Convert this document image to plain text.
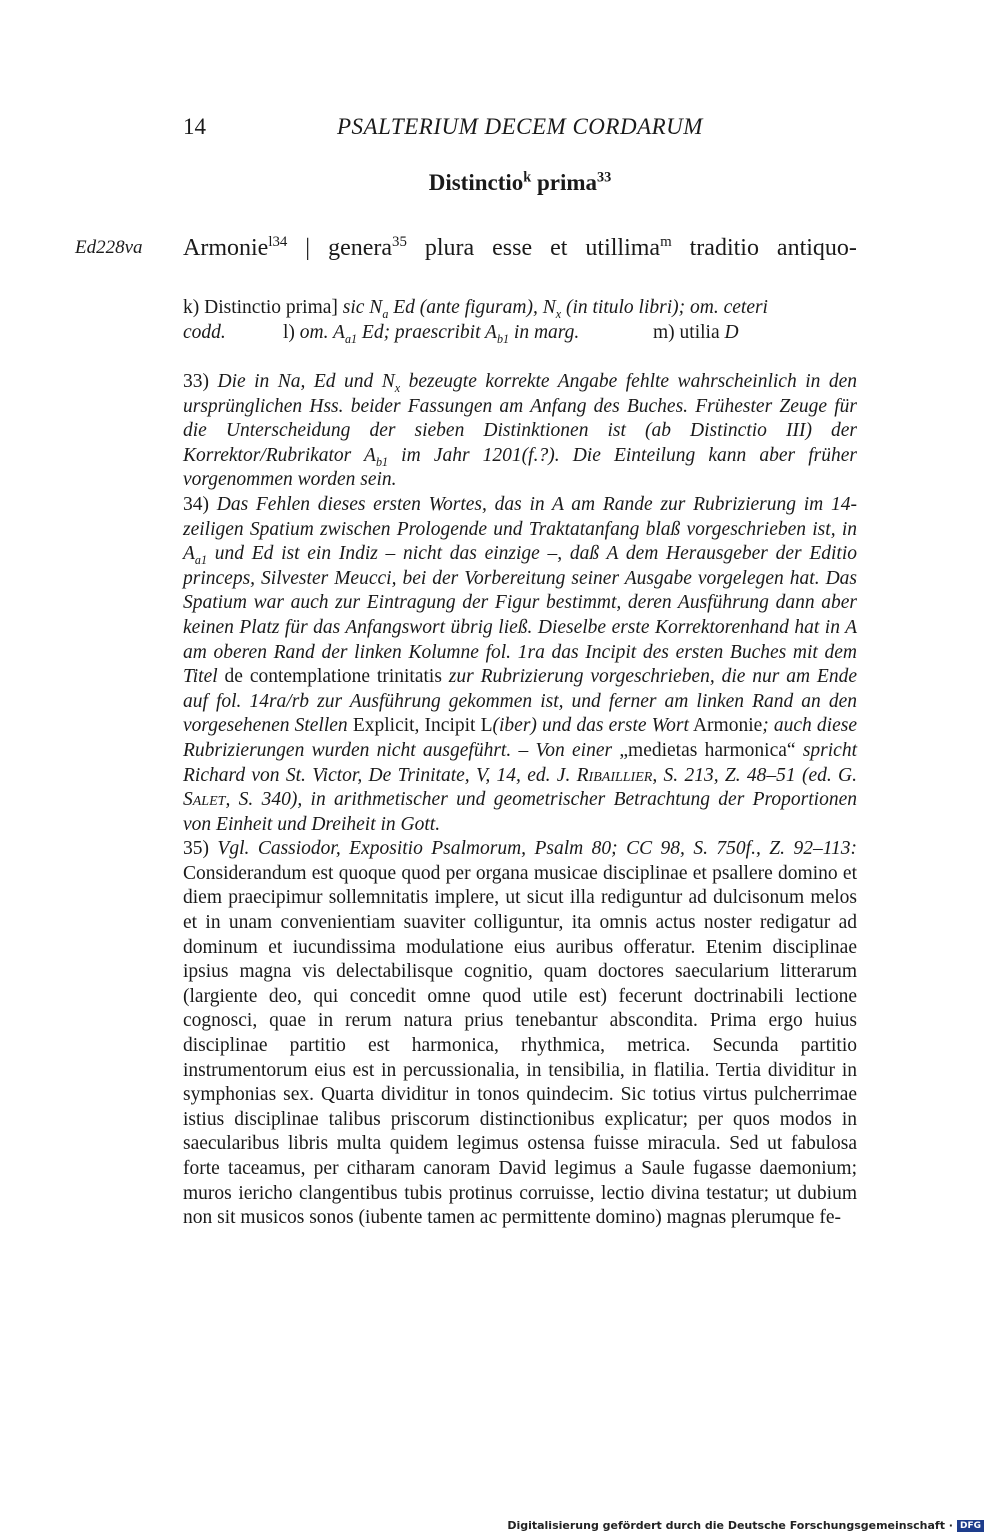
14	PSALTERIUM DECEM CORDARUM
Distinctio$^k$ prima$^{33}$
Ed228va Armonie$^{l34}$ | genera$^{35}$ plura esse et utillima$^m$ traditio antiquo-
k) Distinctio prima] sic $N_a$ Ed (ante figuram), $N_x$ (in titulo libri); om. ceteri
codd.	l) om. $A_{a1}$ Ed; praescribit $A_{b1}$ in marg.	m) utilia D

33) Die in Na, Ed und $N_x$ bezeugte korrekte Angabe fehlte wahrscheinlich in den ursprünglichen Hss. beider Fassungen am Anfang des Buches. Frühester Zeuge für die Unterscheidung der sieben Distinktionen ist (ab Distinctio III) der Korrektor/Rubrikator $A_{b1}$ im Jahr 1201(f.?). Die Einteilung kann aber früher vorgenommen worden sein.

34) Das Fehlen dieses ersten Wortes, das in A am Rande zur Rubrizierung im 14-zeiligen Spatium zwischen Prologende und Traktatanfang blaß vorgeschrieben ist, in $A_{a1}$ und Ed ist ein Indiz – nicht das einzige –, daß A dem Herausgeber der Editio princeps, Silvester Meucci, bei der Vorbereitung seiner Ausgabe vorgelegen hat. Das Spatium war auch zur Eintragung der Figur bestimmt, deren Ausführung dann aber keinen Platz für das Anfangswort übrig ließ. Dieselbe erste Korrektorenhand hat in A am oberen Rand der linken Kolumne fol. 1ra das Incipit des ersten Buches mit dem Titel de contemplatione trinitatis zur Rubrizierung vorgeschrieben, die nur am Ende auf fol. 14ra/rb zur Ausführung gekommen ist, und ferner am linken Rand an den vorgesehenen Stellen Explicit, Incipit L(iber) und das erste Wort Armonie; auch diese Rubrizierungen wurden nicht ausgeführt. – Von einer „medietas harmonica“ spricht Richard von St. Victor, De Trinitate, V, 14, ed. J. Ribaillier, S. 213, Z. 48–51 (ed. G. Salet, S. 340), in arithmetischer und geometrischer Betrachtung der Proportionen von Einheit und Dreiheit in Gott.

35) Vgl. Cassiodor, Expositio Psalmorum, Psalm 80; CC 98, S. 750f., Z. 92–113: Considerandum est quoque quod per organa musicae disciplinae et psallere domino et diem praecipimur sollemnitatis implere, ut sicut illa rediguntur ad dulcisonum melos et in unam convenientiam suaviter colliguntur, ita omnis actus noster redigatur ad dominum et iucundissima modulatione eius auribus offeratur. Etenim disciplinae ipsius magna vis delectabilisque cognitio, quam doctores saecularium litterarum (largiente deo, qui concedit omne quod utile est) fecerunt doctrinabili lectione cognosci, quae in rerum natura prius tenebantur abscondita. Prima ergo huius disciplinae partitio est harmonica, rhythmica, metrica. Secunda partitio instrumentorum eius est in percussionalia, in tensibilia, in flatilia. Tertia dividitur in symphonias sex. Quarta dividitur in tonos quindecim. Sic totius virtus pulcherrimae istius disciplinae talibus priscorum distinctionibus explicatur; per quos modos in saecularibus libris multa quidem legimus ostensa fuisse miracula. Sed ut fabulosa forte taceamus, per citharam canoram David legimus a Saule fugasse daemonium; muros iericho clangentibus tubis protinus corruisse, lectio divina testatur; ut dubium non sit musicos sonos (iubente tamen ac permittente domino) magnas plerumque fe-

Digitalisierung gefördert durch die Deutsche Forschungsgemeinschaft · DFG
